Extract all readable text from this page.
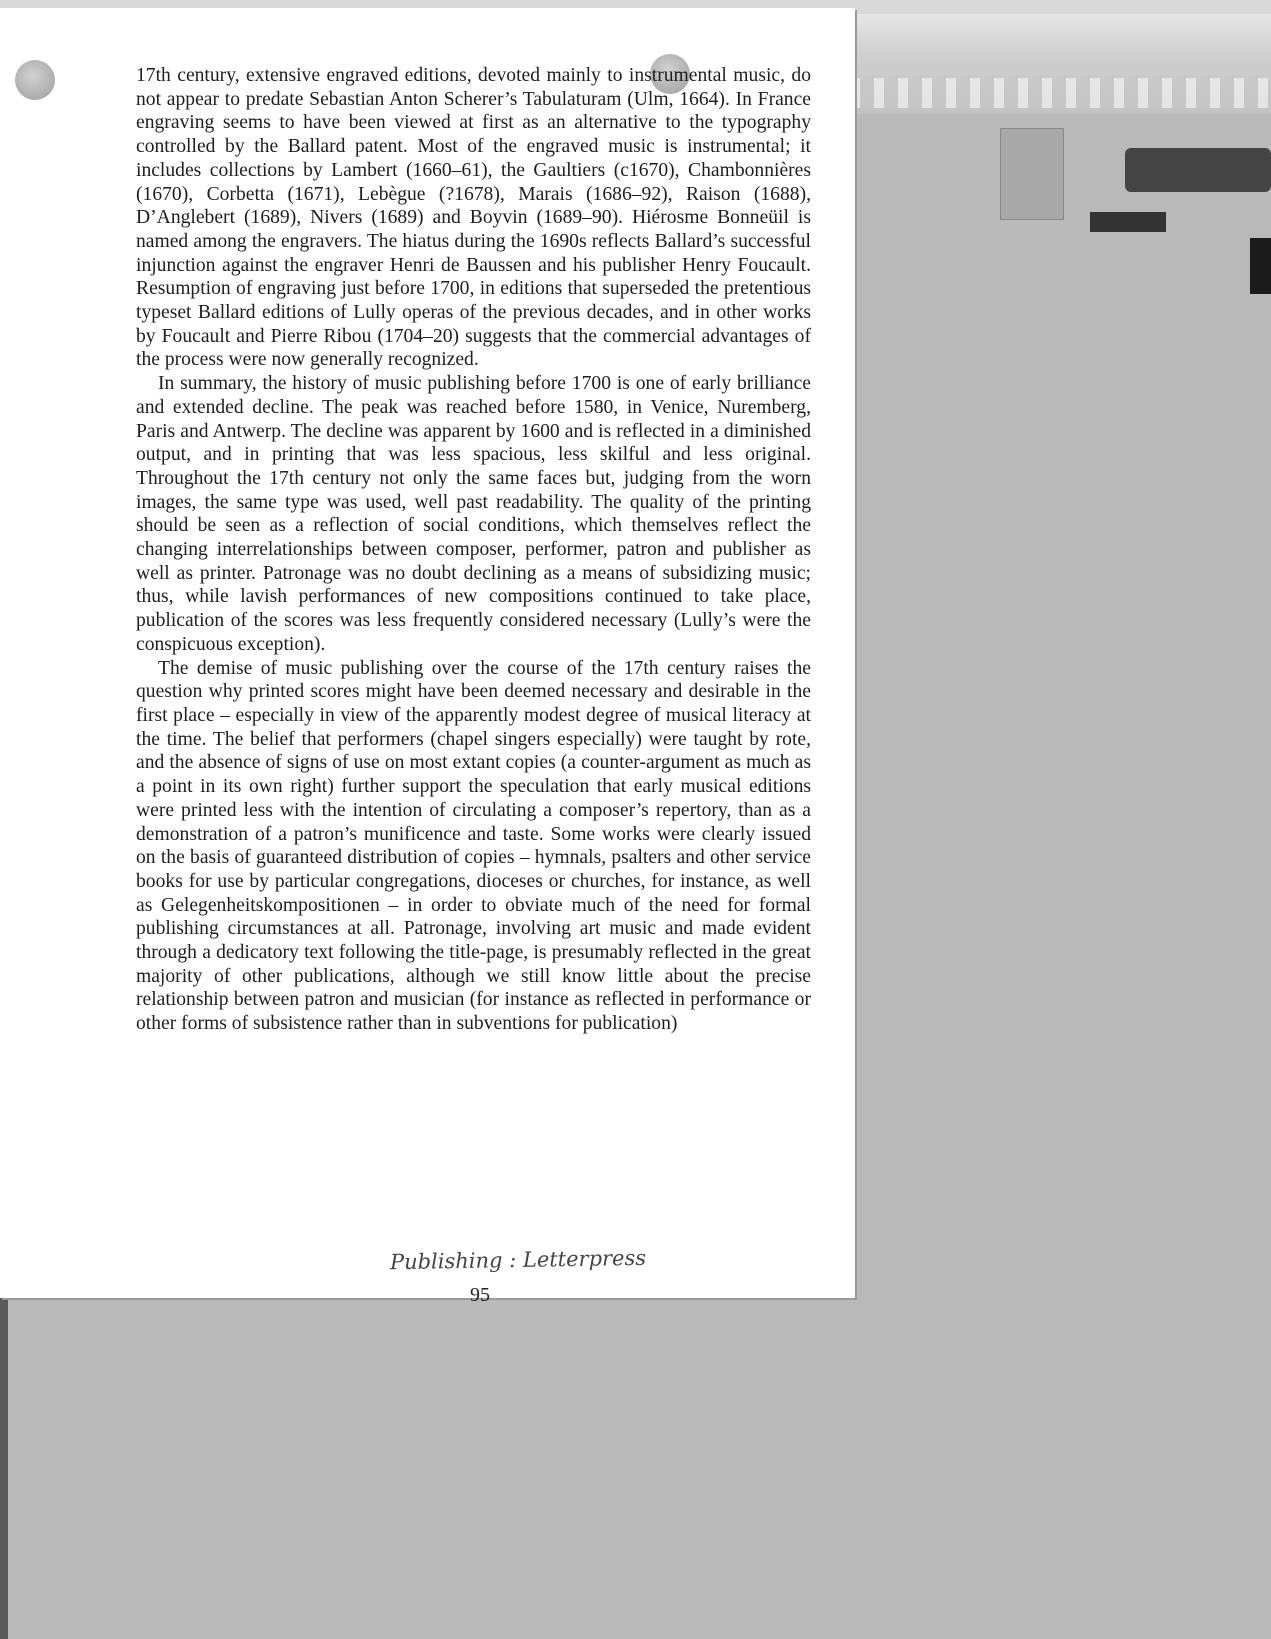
17th century, extensive engraved editions, devoted mainly to instrumental music, do not appear to predate Sebastian Anton Scherer’s Tabulaturam (Ulm, 1664). In France engraving seems to have been viewed at first as an alternative to the typography controlled by the Ballard patent. Most of the engraved music is instrumental; it includes collections by Lambert (1660–61), the Gaultiers (c1670), Chambonnières (1670), Corbetta (1671), Lebègue (?1678), Marais (1686–92), Raison (1688), D’Anglebert (1689), Nivers (1689) and Boyvin (1689–90). Hiérosme Bonneüil is named among the engravers. The hiatus during the 1690s reflects Ballard’s successful injunction against the engraver Henri de Baussen and his publisher Henry Foucault. Resumption of engraving just before 1700, in editions that superseded the pretentious typeset Ballard editions of Lully operas of the previous decades, and in other works by Foucault and Pierre Ribou (1704–20) suggests that the commercial advantages of the process were now generally recognized.

In summary, the history of music publishing before 1700 is one of early brilliance and extended decline. The peak was reached before 1580, in Venice, Nuremberg, Paris and Antwerp. The decline was apparent by 1600 and is reflected in a diminished output, and in printing that was less spacious, less skilful and less original. Throughout the 17th century not only the same faces but, judging from the worn images, the same type was used, well past readability. The quality of the printing should be seen as a reflection of social conditions, which themselves reflect the changing interrelationships between composer, performer, patron and publisher as well as printer. Patronage was no doubt declining as a means of subsidizing music; thus, while lavish performances of new compositions continued to take place, publication of the scores was less frequently considered necessary (Lully’s were the conspicuous exception).

The demise of music publishing over the course of the 17th century raises the question why printed scores might have been deemed necessary and desirable in the first place – especially in view of the apparently modest degree of musical literacy at the time. The belief that performers (chapel singers especially) were taught by rote, and the absence of signs of use on most extant copies (a counter-argument as much as a point in its own right) further support the speculation that early musical editions were printed less with the intention of circulating a composer’s repertory, than as a demonstration of a patron’s munificence and taste. Some works were clearly issued on the basis of guaranteed distribution of copies – hymnals, psalters and other service books for use by particular congregations, dioceses or churches, for instance, as well as Gelegenheitskompositionen – in order to obviate much of the need for formal publishing circumstances at all. Patronage, involving art music and made evident through a dedicatory text following the title-page, is presumably reflected in the great majority of other publications, although we still know little about the precise relationship between patron and musician (for instance as reflected in performance or other forms of subsistence rather than in subventions for publication)

Publishing : Letterpress
95
